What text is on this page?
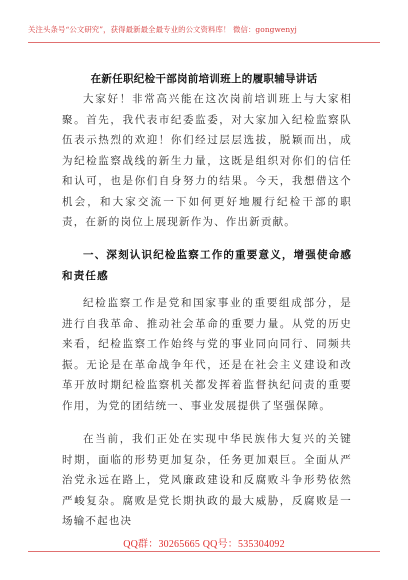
关注头条号“公文研究”，获得最新最全最专业的公文资料库！ 微信：gongwenyj
在新任职纪检干部岗前培训班上的履职辅导讲话
大家好！非常高兴能在这次岗前培训班上与大家相聚。首先，我代表市纪委监委，对大家加入纪检监察队伍表示热烈的欢迎！你们经过层层选拔，脱颖而出，成为纪检监察战线的新生力量，这既是组织对你们的信任和认可，也是你们自身努力的结果。今天，我想借这个机会，和大家交流一下如何更好地履行纪检干部的职责，在新的岗位上展现新作为、作出新贡献。
一、深刻认识纪检监察工作的重要意义，增强使命感和责任感
纪检监察工作是党和国家事业的重要组成部分，是进行自我革命、推动社会革命的重要力量。从党的历史来看，纪检监察工作始终与党的事业同向同行、同频共振。无论是在革命战争年代，还是在社会主义建设和改革开放时期纪检监察机关都发挥着监督执纪问责的重要作用，为党的团结统一、事业发展提供了坚强保障。
在当前，我们正处在实现中华民族伟大复兴的关键时期，面临的形势更加复杂，任务更加艰巨。全面从严治党永远在路上，党风廉政建设和反腐败斗争形势依然严峻复杂。腐败是党长期执政的最大威胁，反腐败是一场输不起也决
QQ群：30265665 QQ号：535304092
